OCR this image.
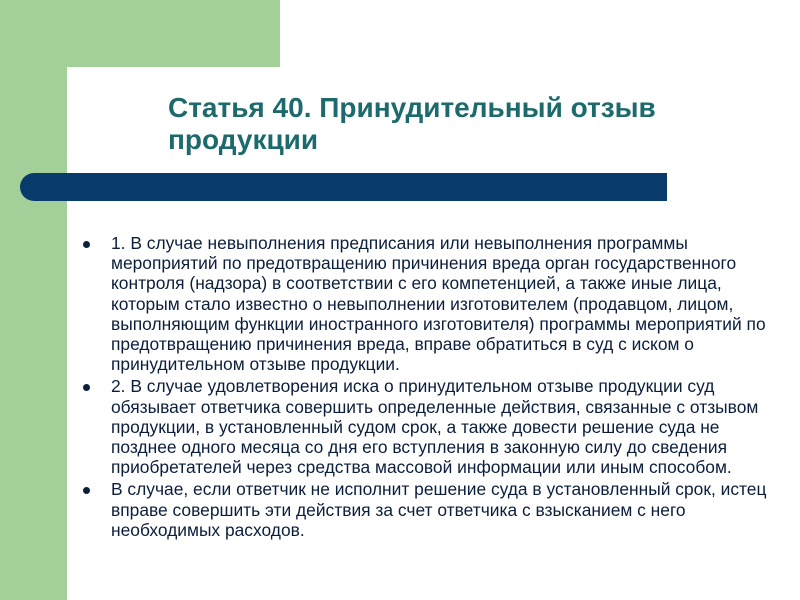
Статья 40. Принудительный отзыв продукции
1. В случае невыполнения предписания или невыполнения программы мероприятий по предотвращению причинения вреда орган государственного контроля (надзора) в соответствии с его компетенцией, а также иные лица, которым стало известно о невыполнении изготовителем (продавцом, лицом, выполняющим функции иностранного изготовителя) программы мероприятий по предотвращению причинения вреда, вправе обратиться в суд с иском о принудительном отзыве продукции.
2. В случае удовлетворения иска о принудительном отзыве продукции суд обязывает ответчика совершить определенные действия, связанные с отзывом продукции, в установленный судом срок, а также довести решение суда не позднее одного месяца со дня его вступления в законную силу до сведения приобретателей через средства массовой информации или иным способом.
В случае, если ответчик не исполнит решение суда в установленный срок, истец вправе совершить эти действия за счет ответчика с взысканием с него необходимых расходов.
